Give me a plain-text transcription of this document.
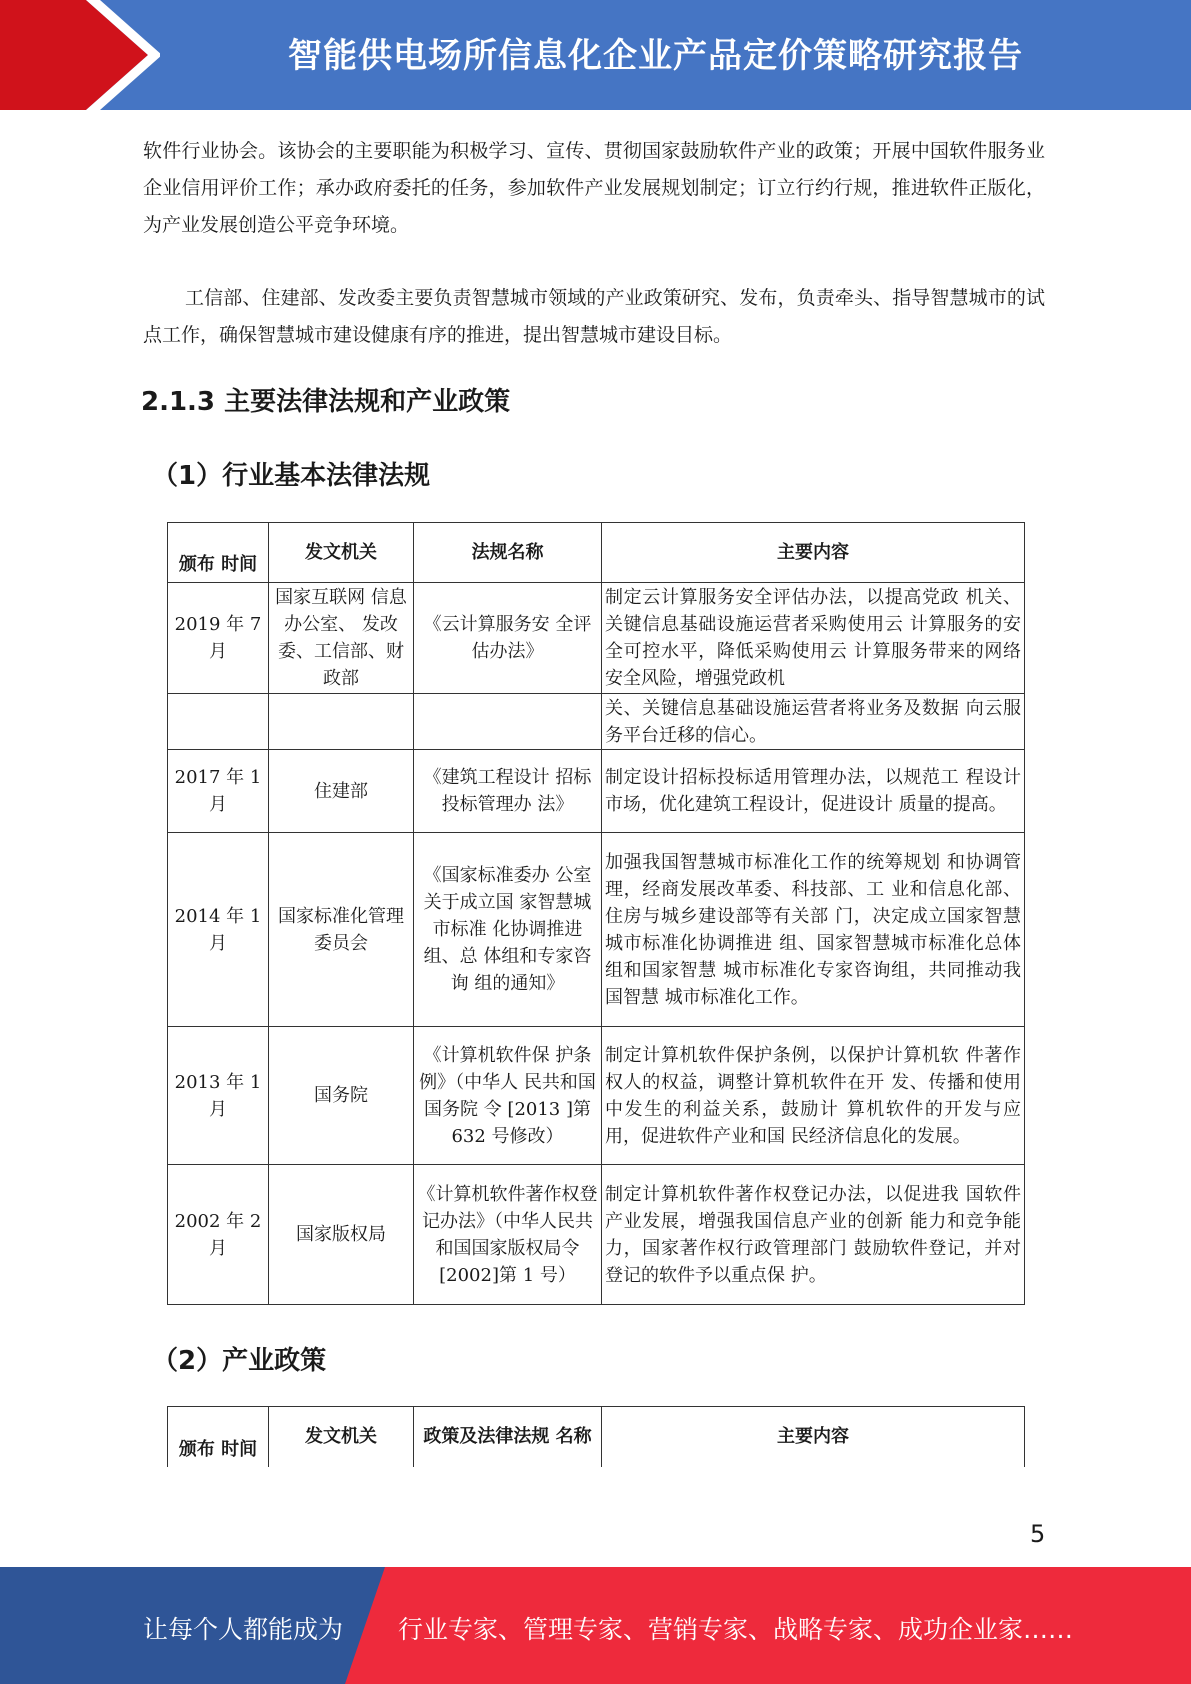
智能供电场所信息化企业产品定价策略研究报告

软件行业协会。该协会的主要职能为积极学习、宣传、贯彻国家鼓励软件产业的政策；开展中国软件服务业企业信用评价工作；承办政府委托的任务，参加软件产业发展规划制定；订立行约行规，推进软件正版化，为产业发展创造公平竞争环境。

工信部、住建部、发改委主要负责智慧城市领域的产业政策研究、发布，负责牵头、指导智慧城市的试点工作，确保智慧城市建设健康有序的推进，提出智慧城市建设目标。

2.1.3 主要法律法规和产业政策
（1）行业基本法律法规
颁布 时间	发文机关	法规名称	主要内容
2019 年 7 月	国家互联网 信息办公室、 发改委、工信部、财政部	《云计算服务安 全评估办法》	制定云计算服务安全评估办法，以提高党政 机关、关键信息基础设施运营者采购使用云 计算服务的安全可控水平，降低采购使用云 计算服务带来的网络安全风险，增强党政机
			关、关键信息基础设施运营者将业务及数据 向云服务平台迁移的信心。
2017 年 1 月	住建部	《建筑工程设计 招标投标管理办 法》	制定设计招标投标适用管理办法，以规范工 程设计市场，优化建筑工程设计，促进设计 质量的提高。
2014 年 1 月	国家标准化管理委员会	《国家标准委办 公室关于成立国 家智慧城市标准 化协调推进组、总 体组和专家咨询 组的通知》	加强我国智慧城市标准化工作的统筹规划 和协调管理，经商发展改革委、科技部、工 业和信息化部、住房与城乡建设部等有关部 门，决定成立国家智慧城市标准化协调推进 组、国家智慧城市标准化总体组和国家智慧 城市标准化专家咨询组，共同推动我国智慧 城市标准化工作。
2013 年 1 月	国务院	《计算机软件保 护条例》（中华人 民共和国国务院 令 [2013 ]第 632 号修改）	制定计算机软件保护条例，以保护计算机软 件著作权人的权益，调整计算机软件在开 发、传播和使用中发生的利益关系，鼓励计 算机软件的开发与应用，促进软件产业和国 民经济信息化的发展。
2002 年 2 月	国家版权局	《计算机软件著作权登记办法》（中华人民共和国国家版权局令 [2002]第 1 号）	制定计算机软件著作权登记办法，以促进我 国软件产业发展，增强我国信息产业的创新 能力和竞争能力，国家著作权行政管理部门 鼓励软件登记，并对登记的软件予以重点保 护。
（2）产业政策
颁布 时间	发文机关	政策及法律法规 名称	主要内容
5
让每个人都能成为 行业专家、管理专家、营销专家、战略专家、成功企业家……
